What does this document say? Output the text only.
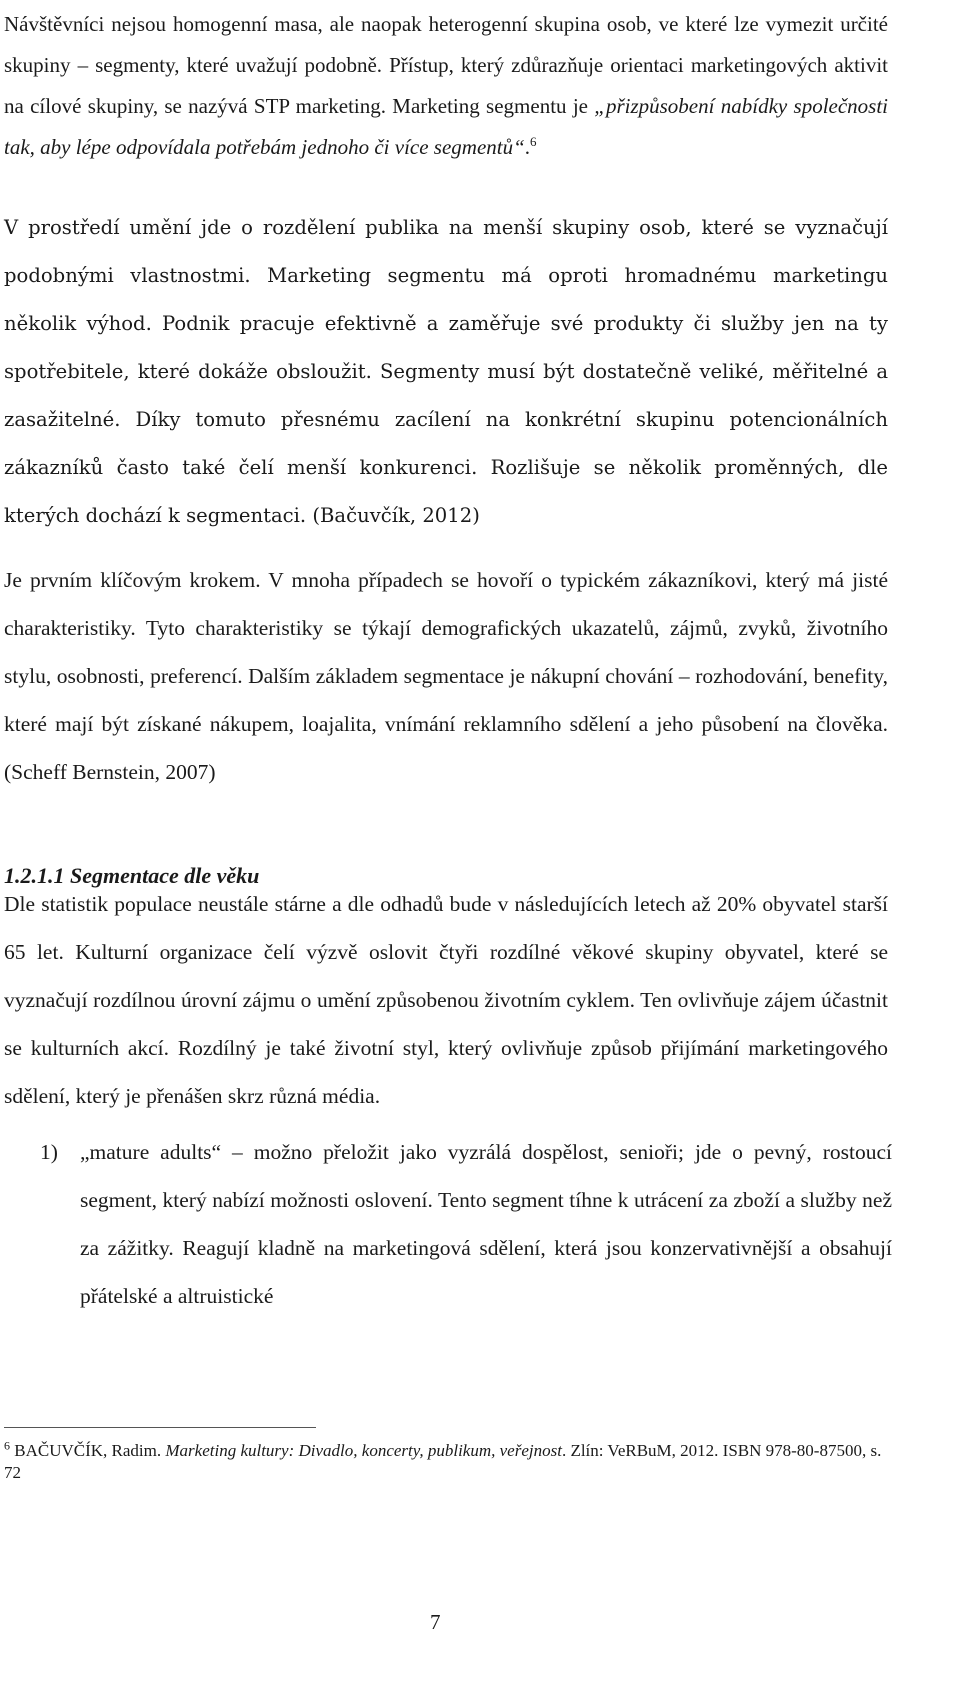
Návštěvníci nejsou homogenní masa, ale naopak heterogenní skupina osob, ve které lze vymezit určité skupiny – segmenty, které uvažují podobně. Přístup, který zdůrazňuje orientaci marketingových aktivit na cílové skupiny, se nazývá STP marketing. Marketing segmentu je „přizpůsobení nabídky společnosti tak, aby lépe odpovídala potřebám jednoho či více segmentů“.$^6$

V prostředí umění jde o rozdělení publika na menší skupiny osob, které se vyznačují podobnými vlastnostmi. Marketing segmentu má oproti hromadnému marketingu několik výhod. Podnik pracuje efektivně a zaměřuje své produkty či služby jen na ty spotřebitele, které dokáže obsloužit. Segmenty musí být dostatečně veliké, měřitelné a zasažitelné. Díky tomuto přesnému zacílení na konkrétní skupinu potencionálních zákazníků často také čelí menší konkurenci. Rozlišuje se několik proměnných, dle kterých dochází k segmentaci. (Bačuvčík, 2012)

Je prvním klíčovým krokem. V mnoha případech se hovoří o typickém zákazníkovi, který má jisté charakteristiky. Tyto charakteristiky se týkají demografických ukazatelů, zájmů, zvyků, životního stylu, osobnosti, preferencí. Dalším základem segmentace je nákupní chování – rozhodování, benefity, které mají být získané nákupem, loajalita, vnímání reklamního sdělení a jeho působení na člověka. (Scheff Bernstein, 2007)

1.2.1.1 Segmentace dle věku

Dle statistik populace neustále stárne a dle odhadů bude v následujících letech až 20% obyvatel starší 65 let. Kulturní organizace čelí výzvě oslovit čtyři rozdílné věkové skupiny obyvatel, které se vyznačují rozdílnou úrovní zájmu o umění způsobenou životním cyklem. Ten ovlivňuje zájem účastnit se kulturních akcí. Rozdílný je také životní styl, který ovlivňuje způsob přijímání marketingového sdělení, který je přenášen skrz různá média.

1) „mature adults“ – možno přeložit jako vyzrálá dospělost, senioři; jde o pevný, rostoucí segment, který nabízí možnosti oslovení. Tento segment tíhne k utrácení za zboží a služby než za zážitky. Reagují kladně na marketingová sdělení, která jsou konzervativnější a obsahují přátelské a altruistické

$^6$ BAČUVČÍK, Radim. Marketing kultury: Divadlo, koncerty, publikum, veřejnost. Zlín: VeRBuM, 2012. ISBN 978-80-87500, s. 72

7
